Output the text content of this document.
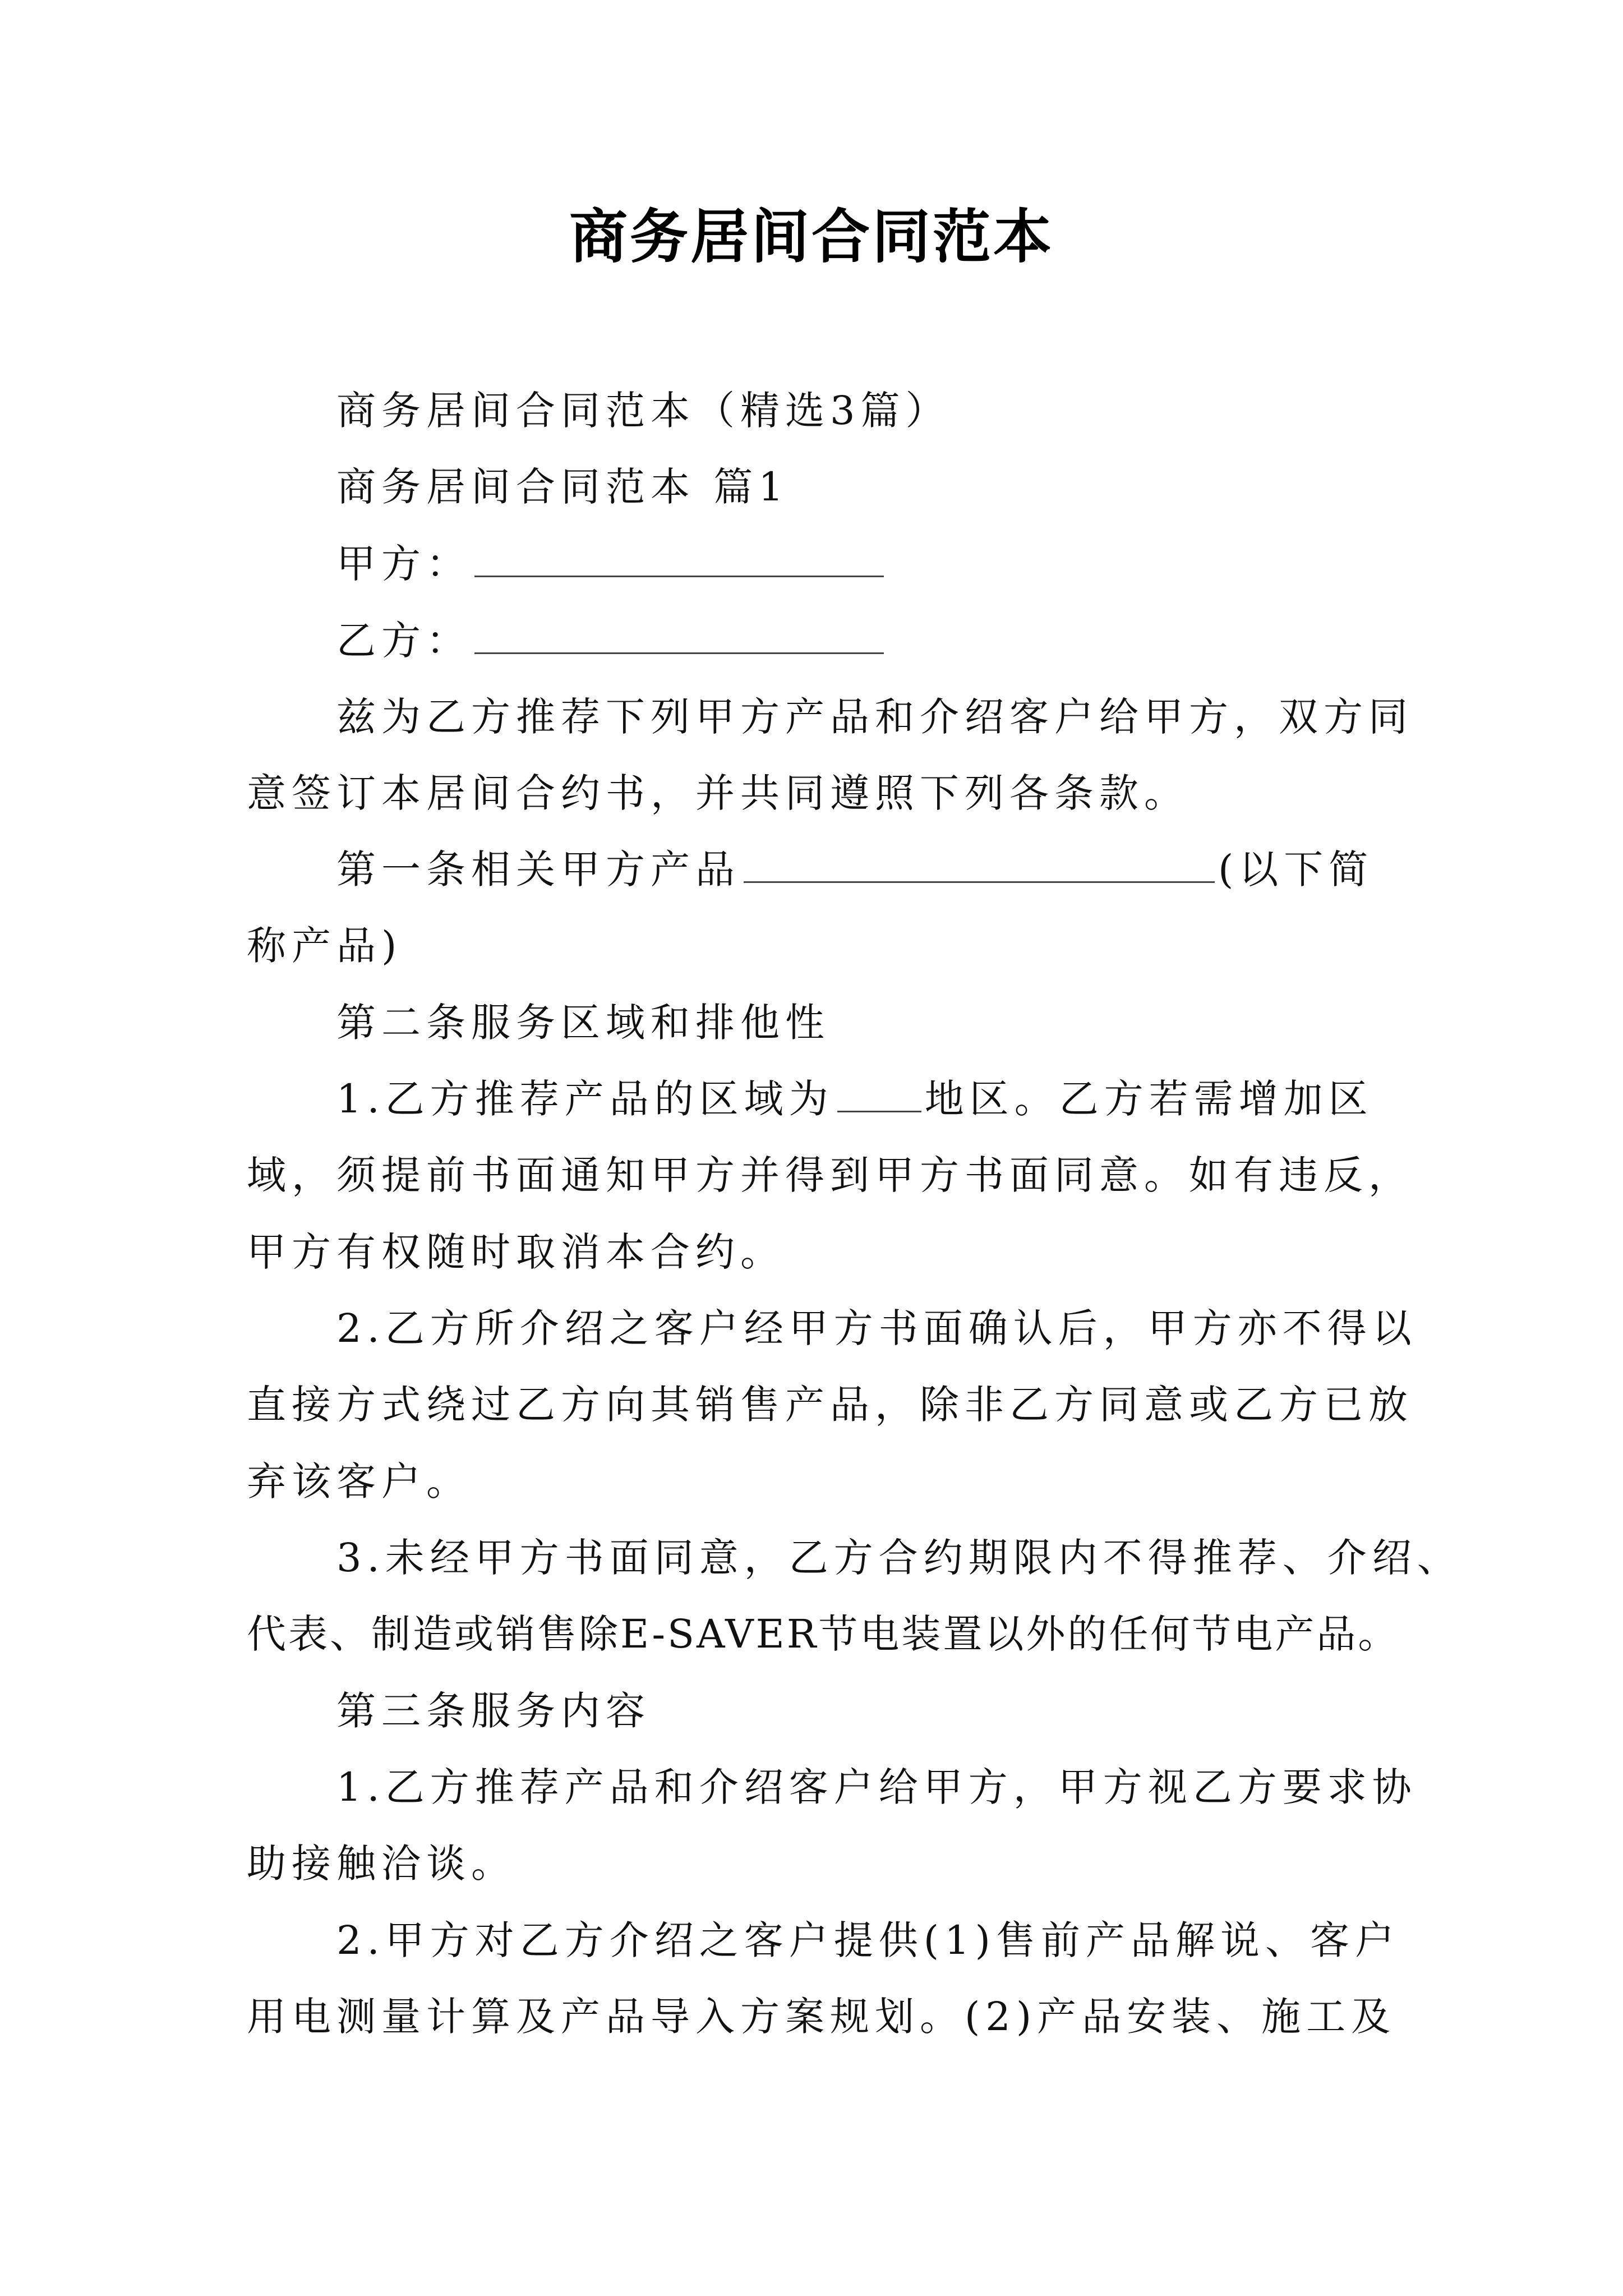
商务居间合同范本
商务居间合同范本（精选3篇）
商务居间合同范本 篇1
甲方：
乙方：
兹为乙方推荐下列甲方产品和介绍客户给甲方，双方同
意签订本居间合约书，并共同遵照下列各条款。
第一条相关甲方产品	(以下简
称产品)
第二条服务区域和排他性
1.乙方推荐产品的区域为 地区。乙方若需增加区
域，须提前书面通知甲方并得到甲方书面同意。如有违反，
甲方有权随时取消本合约。
2.乙方所介绍之客户经甲方书面确认后，甲方亦不得以
直接方式绕过乙方向其销售产品，除非乙方同意或乙方已放
弃该客户。
3.未经甲方书面同意，乙方合约期限内不得推荐、介绍、
代表、制造或销售除E-SAVER节电装置以外的任何节电产品。
第三条服务内容
1.乙方推荐产品和介绍客户给甲方，甲方视乙方要求协
助接触洽谈。
2.甲方对乙方介绍之客户提供(1)售前产品解说、客户
用电测量计算及产品导入方案规划。(2)产品安装、施工及
